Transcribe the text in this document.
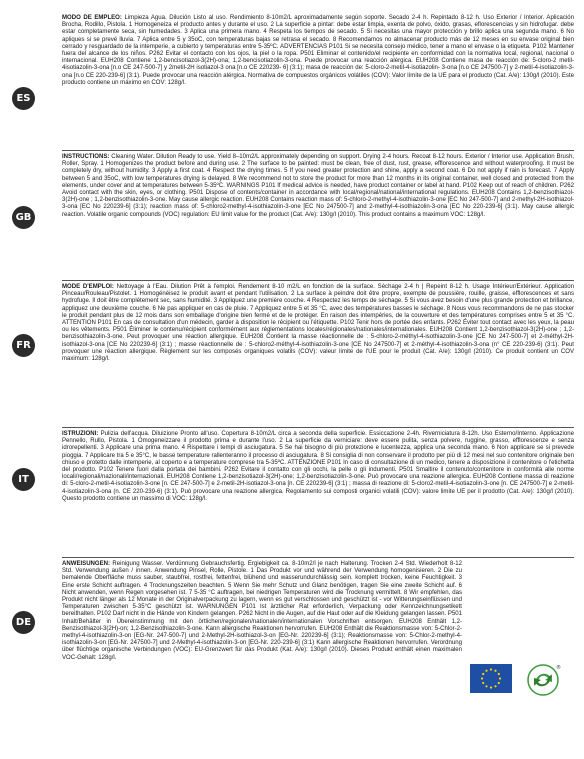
ES
MODO DE EMPLEO: Limpieza Agua. Dilución Listo al uso. Rendimiento 8-10m2/L aproximadamente según soporte. Secado 2-4 h. Repintado 8-12 h. Uso Exterior / Interior. Aplicación Brocha, Rodillo, Pistola. 1 Homogeneiza el producto antes y durante el uso. 2 La superficie a pintar: debe estar limpia, exenta de polvo, óxido, grasas, eflorescencias y sin hidrofugar. debe estar completamente seca, sin humedades. 3 Aplica una primera mano. 4 Respeta los tiempos de secado. 5 Si necesitas una mayor protección y brillo aplica una segunda mano. 6 No apliques si se prevé lluvia. 7 Aplica entre 5 y 35oC, con temperaturas bajas se retrasa el secado. 8 Recomendamos no almacenar producto más de 12 meses en su envase original bien cerrado y resguardado de la intemperie, a cubierto y temperaturas entre 5-35ºC. ADVERTENCIAS P101 Si se necesita consejo médico, tener a mano el envase o la etiqueta. P102 Mantener fuera del alcance de los niños. P262 Evitar el contacto con los ojos, la piel o la ropa. P501 Eliminar el contenido/el recipiente en conformidad con la normativa local, regional, nacional o internacional. EUH208 Contiene 1,2-bencisotiazol-3(2H)-ona; 1,2-bencisotiazolin-3-ona. Puede provocar una reacción alérgica. EUH208 Contiene masa de reacción de: 5-cloro-2 metil-4isotiazolin-3-ona [n.o CE 247-500-7] y 2metil-2H isotiazol-3 ona [n.o CE 220239- 6] (3:1); masa de reacción de: 5-cloro-2-metil-4-isotiazolin- 3-ona [n.o CE 247500-7] y 2-metil-4-isotiazolin-3-ona [n.o CE 220-239-6] (3:1). Puede provocar una reacción alérgica. Normativa de compuestos orgánicos volátiles (COV): Valor límite de la UE para el producto (Cat. A/e): 130g/l (2010). Este producto contiene un máximo en COV: 128g/l.
GB
INSTRUCTIONS: Cleaning Water. Dilution Ready to use. Yield 8–10m2/L approximately depending on support. Drying 2-4 hours. Recoat 8-12 hours. Exterior / Interior use. Application Brush, Roller, Spray. 1 Homogenizes the product before and during use. 2 The surface to be painted: must be clean, free of dust, rust, grease, efflorescence and without waterproofing. It must be completely dry, without humidity. 3 Apply a first coat. 4 Respect the drying times. 5 If you need greater protection and shine, apply a second coat. 6 Do not apply if rain is forecast. 7 Apply between 5 and 35oC, with low temperatures drying is delayed. 8 We recommend not to store the product for more than 12 months in its original container, well closed and protected from the elements, under cover and at temperatures between 5-35ºC. WARNINGS P101 If medical advice is needed, have product container or label at hand. P102 Keep out of reach of children. P262 Avoid contact with the skin, eyes, or clothing. P501 Dispose of contents/container in accordance with local/regional/national/international regulations. EUH208 Contains 1,2-benzisothiazol-3(2H)-one ; 1,2-benzisothiazolin-3-one. May cause allergic reaction. EUH208 Contains reaction mass of: 5-chloro-2-methyl-4-isothiazolin-3-one [EC No 247-500-7] and 2-methyl-2H-isothiazol-3-ona [EC No 220239-6] (3:1); reaction mass of: 5-chloro2-methyl-4-isothiazolin-3-one [EC No 247500-7] and 2-methyl-4-isothiazolin-3-ona [EC No 220-239-6] (3:1). May cause allergic reaction. Volatile organic compounds (VOC) regulation: EU limit value for the product (Cat. A/e): 130g/l (2010). This product contains a maximum VOC: 128g/l.
FR
MODE D'EMPLOI: Nettoyage à l'Eau. Dilution Prêt à l'emploi. Rendement 8-10 m2/L en fonction de la surface. Séchage 2-4 h | Repeint 8-12 h. Usage Intérieur/Extérieur. Application Pinceau/Rouleau/Pistolet. 1 Homogénéisez le produit avant et pendant l'utilisation. 2 La surface à peindre doit être propre, exempte de poussière, rouille, graisse, efflorescences et sans hydrofuge. Il doit être complètement sec, sans humidité. 3 Appliquez une première couche. 4 Respectez les temps de séchage. 5 Si vous avez besoin d'une plus grande protection et brillance, appliquez une deuxième couche. 6 Ne pas appliquer en cas de pluie. 7 Appliquez entre 5 et 35 °C, avec des températures basses le séchage. 8 Nous vous recommandons de ne pas stocker le produit pendant plus de 12 mois dans son emballage d'origine bien fermé et de le protéger. En raison des intempéries, de la couverture et des températures comprises entre 5 et 35 °C. ATTENTION P101 En cas de consultation d'un médecin, garder à disposition le récipient ou l'étiquette. P102 Tenir hors de portée des enfants. P262 Éviter tout contact avec les yeux, la peau ou les vêtements. P501 Éliminer le contenu/récipient conformément aux réglementations locales/régionales/nationales/internationales. EUH208 Contient 1,2-benzisothiazol-3(2H)-one ; 1,2-benzisothiazolin-3-one. Peut provoquer une réaction allergique. EUH208 Contient la masse réactionnelle de : 5-chloro-2-méthyl-4-isothiazolin-3-one [CE No 247-500-7] et 2-méthyl-2H-isothiazol-3-ona [CE No 220239-6] (3:1) ; masse réactionnelle de : 5-chloro2-méthyl-4-isothiazolin-3-one [CE No 247500-7] et 2-méthyl-4-isothiazolin-3-ona (n° CE 220-239-6) (3:1). Peut provoquer une réaction allergique. Règlement sur les composés organiques volatils (COV): valeur limite de l'UE pour le produit (Cat. A/e): 130g/l (2010). Ce produit contient un COV maximum: 128g/l.
IT
ISTRUZIONI: Pulizia dell'acqua. Diluizione Pronto all'uso. Copertura 8-10m2/L circa a seconda della superficie. Essiccazione 2-4h. Riverniciatura 8-12h. Uso Esterno/Interno. Applicazione Pennello, Rullo, Pistola. 1 Omogeneizzare il prodotto prima e durante l'uso. 2 La superficie da verniciare: deve essere pulita, senza polvere, ruggine, grasso, efflorescenze e senza idrorepellenti. 3 Applicare una prima mano. 4 Rispettare i tempi di asciugatura. 5 Se hai bisogno di più protezione e lucentezza, applica una seconda mano. 6 Non applicare se si prevede pioggia. 7 Applicare tra 5 e 35°C, le basse temperature rallenteranno il processo di asciugatura. 8 Si consiglia di non conservare il prodotto per più di 12 mesi nel suo contenitore originale ben chiuso e protetto dalle intemperie, al coperto e a temperature comprese tra 5-35ºC. ATTENZIONE P101 In caso di consultazione di un medico, tenere a disposizione il contenitore o l'etichetta del prodotto. P102 Tenere fuori dalla portata dei bambini. P262 Evitare il contatto con gli occhi, la pelle o gli indumenti. P501 Smaltire il contenuto/contenitore in conformità alle norme locali/regionali/nazionali/internazionali. EUH208 Contiene 1,2-benzisotiazol-3(2H)-one; 1,2-benzisotiazolin-3-one. Può provocare una reazione allergica. EUH208 Contiene massa di reazione di: 5-cloro-2-metil-4-isotiazolin-3-one [n. CE 247-500-7] e 2-metil-2H-isotiazol-3-ona [n. CE 220239-6] (3:1) ; massa di reazione di: 5-cloro2-metil-4-isotiazolin-3-one [n. CE 247500-7] e 2-metil-4-isotiazolin-3-ona (n. CE 220-239-6) (3:1). Può provocare una reazione allergica. Regolamento sui composti organici volatili (COV): valore limite UE per il prodotto (Cat. A/e): 130g/l (2010). Questo prodotto contiene un massimo di VOC: 128g/l.
DE
ANWEISUNGEN: Reinigung Wasser. Verdünnung Gebrauchsfertig. Ergiebigkeit ca. 8-10m2/l je nach Halterung. Trocken 2-4 Std. Wiederholt 8-12 Std. Verwendung außen / innen. Anwendung Pinsel, Rolle, Pistole. 1 Das Produkt vor und während der Verwendung homogenisieren. 2 Die zu bemalende Oberfläche muss sauber, staubfrei, rostfrei, fettenfrei, blühend und wasserundurchlässig sein. komplett trocken, keine Feuchtigkeit. 3 Eine erste Schicht auftragen. 4 Trocknungszeiten beachten. 5 Wenn Sie mehr Schutz und Glanz benötigen, tragen Sie eine zweite Schicht auf. 6 Nicht anwenden, wenn Regen vorgesehen ist. 7 5-35 °C auftragen, bei niedrigen Temperaturen wird die Trocknung vermittelt. 8 Wir empfehlen, das Produkt nicht länger als 12 Monate in der Originalverpackung zu lagern, wenn es gut verschlossen und geschützt ist - vor Witterungseinflüssen und Temperaturen zwischen 5-35°C geschützt ist. WARNUNGEN P101 Ist ärztlicher Rat erforderlich, Verpackung oder Kennzeichnungsetikett bereithalten. P102 Darf nicht in die Hände von Kindern gelangen. P262 Nicht in die Augen, auf die Haut oder auf die Kleidung gelangen lassen. P501 Inhalt/Behälter in Übereinstimmung mit den örtlichen/regionalen/nationalen/internationalen Vorschriften entsorgen. EUH208 Enthält 1,2-Benzisothiazol-3(2H)-on; 1,2-Benzisothiazolin-3-one. Kann allergische Reaktionen hervorrufen. EUH208 Enthält die Reaktionsmasse von: 5-Chlor-2-methyl-4-isothiazolin-3-on [EG-Nr. 247-500-7] und 2-Methyl-2H-isothiazol-3-on [EG-Nr. 220239-6] (3:1); Reaktionsmasse von: 5-Chlor-2-methyl-4-isothiazolin-3-on [EG-Nr. 247500-7] und 2-Methyl-4-isothiazolin-3-on [EG-Nr. 220-239-6] (3:1) Kann allergische Reaktionen hervorrufen. Verordnung über flüchtige organische Verbindungen (VOC): EU-Grenzwert für das Produkt (Kat. A/e): 130g/l (2010). Dieses Produkt enthält einen maximalen VOC-Gehalt: 128g/l.
®
